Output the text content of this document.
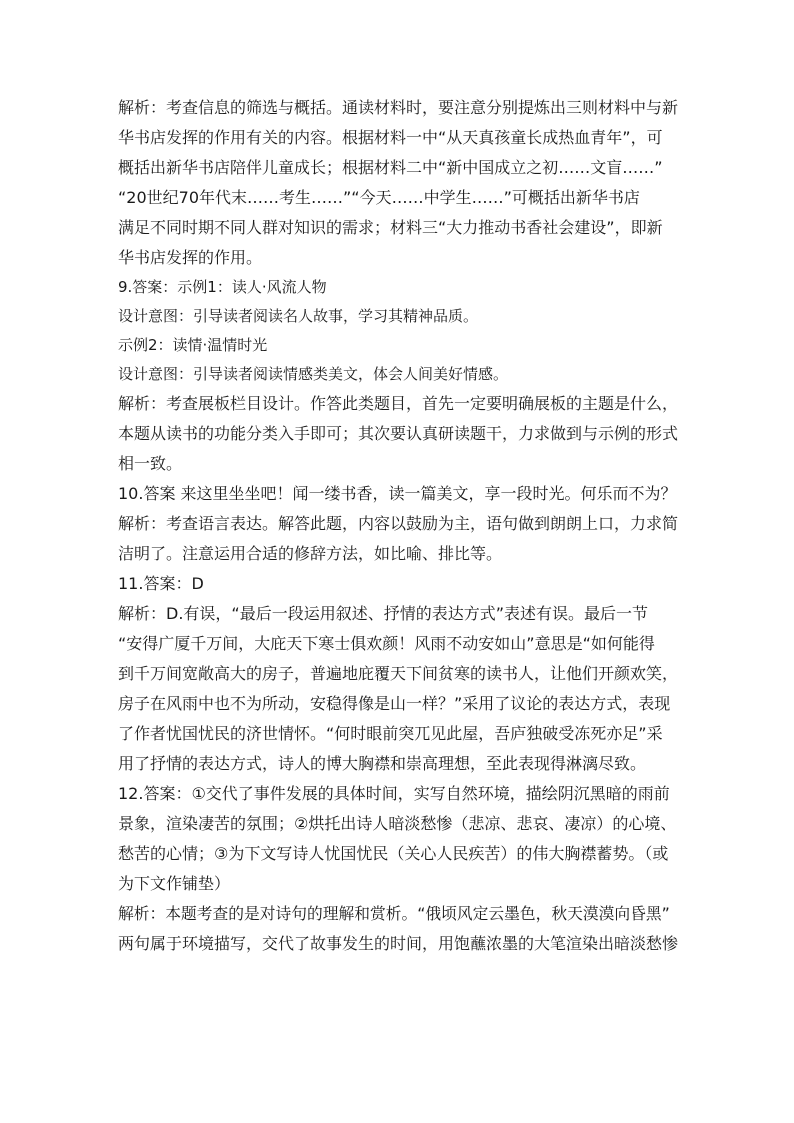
解析：考查信息的筛选与概括。通读材料时，要注意分别提炼出三则材料中与新
华书店发挥的作用有关的内容。根据材料一中“从天真孩童长成热血青年”，可
概括出新华书店陪伴儿童成长；根据材料二中“新中国成立之初……文盲……”
“20世纪70年代末……考生……”“今天……中学生……”可概括出新华书店
满足不同时期不同人群对知识的需求；材料三“大力推动书香社会建设”，即新
华书店发挥的作用。
9.答案：示例1：读人·风流人物
设计意图：引导读者阅读名人故事，学习其精神品质。
示例2：读情·温情时光
设计意图：引导读者阅读情感类美文，体会人间美好情感。
解析：考查展板栏目设计。作答此类题目，首先一定要明确展板的主题是什么，
本题从读书的功能分类入手即可；其次要认真研读题干，力求做到与示例的形式
相一致。
10.答案 来这里坐坐吧！闻一缕书香，读一篇美文，享一段时光。何乐而不为？
解析：考查语言表达。解答此题，内容以鼓励为主，语句做到朗朗上口，力求简
洁明了。注意运用合适的修辞方法，如比喻、排比等。
11.答案：D
解析：D.有误，“最后一段运用叙述、抒情的表达方式”表述有误。最后一节
“安得广厦千万间，大庇天下寒士俱欢颜！风雨不动安如山”意思是“如何能得
到千万间宽敞高大的房子，普遍地庇覆天下间贫寒的读书人，让他们开颜欢笑，
房子在风雨中也不为所动，安稳得像是山一样？”采用了议论的表达方式，表现
了作者忧国忧民的济世情怀。“何时眼前突兀见此屋，吾庐独破受冻死亦足”采
用了抒情的表达方式，诗人的博大胸襟和崇高理想，至此表现得淋漓尽致。
12.答案：①交代了事件发展的具体时间，实写自然环境，描绘阴沉黑暗的雨前
景象，渲染凄苦的氛围；②烘托出诗人暗淡愁惨（悲凉、悲哀、凄凉）的心境、
愁苦的心情；③为下文写诗人忧国忧民（关心人民疾苦）的伟大胸襟蓄势。（或
为下文作铺垫）
解析：本题考查的是对诗句的理解和赏析。“俄顷风定云墨色，秋天漠漠向昏黑”
两句属于环境描写，交代了故事发生的时间，用饱蘸浓墨的大笔渲染出暗淡愁惨
